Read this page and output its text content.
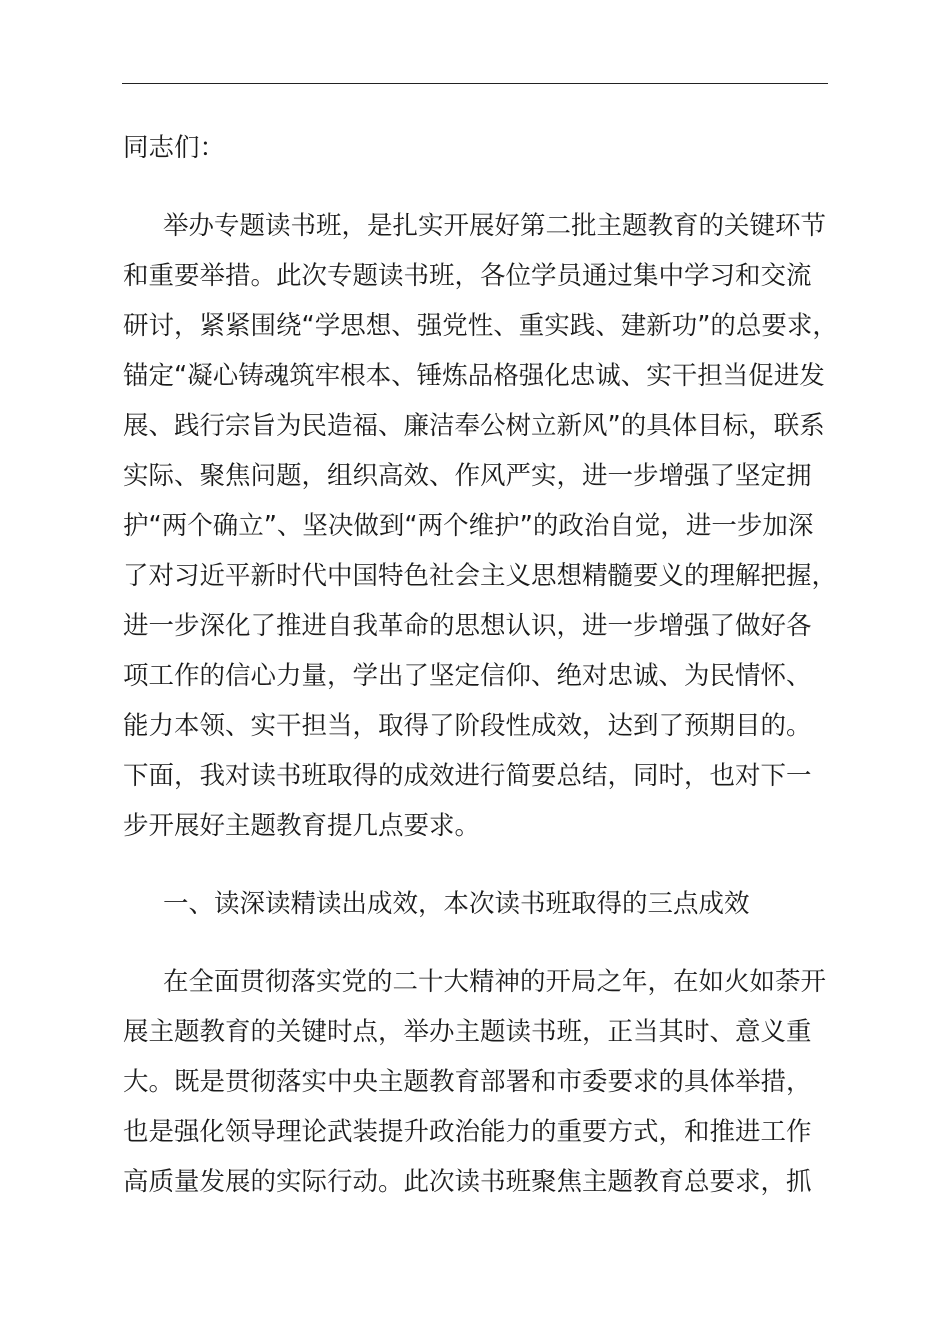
同志们：
举办专题读书班，是扎实开展好第二批主题教育的关键环节
和重要举措。此次专题读书班，各位学员通过集中学习和交流
研讨，紧紧围绕“学思想、强党性、重实践、建新功”的总要求，
锚定“凝心铸魂筑牢根本、锤炼品格强化忠诚、实干担当促进发
展、践行宗旨为民造福、廉洁奉公树立新风”的具体目标，联系
实际、聚焦问题，组织高效、作风严实，进一步增强了坚定拥
护“两个确立”、坚决做到“两个维护”的政治自觉，进一步加深
了对习近平新时代中国特色社会主义思想精髓要义的理解把握，
进一步深化了推进自我革命的思想认识，进一步增强了做好各
项工作的信心力量，学出了坚定信仰、绝对忠诚、为民情怀、
能力本领、实干担当，取得了阶段性成效，达到了预期目的。
下面，我对读书班取得的成效进行简要总结，同时，也对下一
步开展好主题教育提几点要求。
一、读深读精读出成效，本次读书班取得的三点成效
在全面贯彻落实党的二十大精神的开局之年，在如火如荼开
展主题教育的关键时点，举办主题读书班，正当其时、意义重
大。既是贯彻落实中央主题教育部署和市委要求的具体举措，
也是强化领导理论武装提升政治能力的重要方式，和推进工作
高质量发展的实际行动。此次读书班聚焦主题教育总要求，抓
